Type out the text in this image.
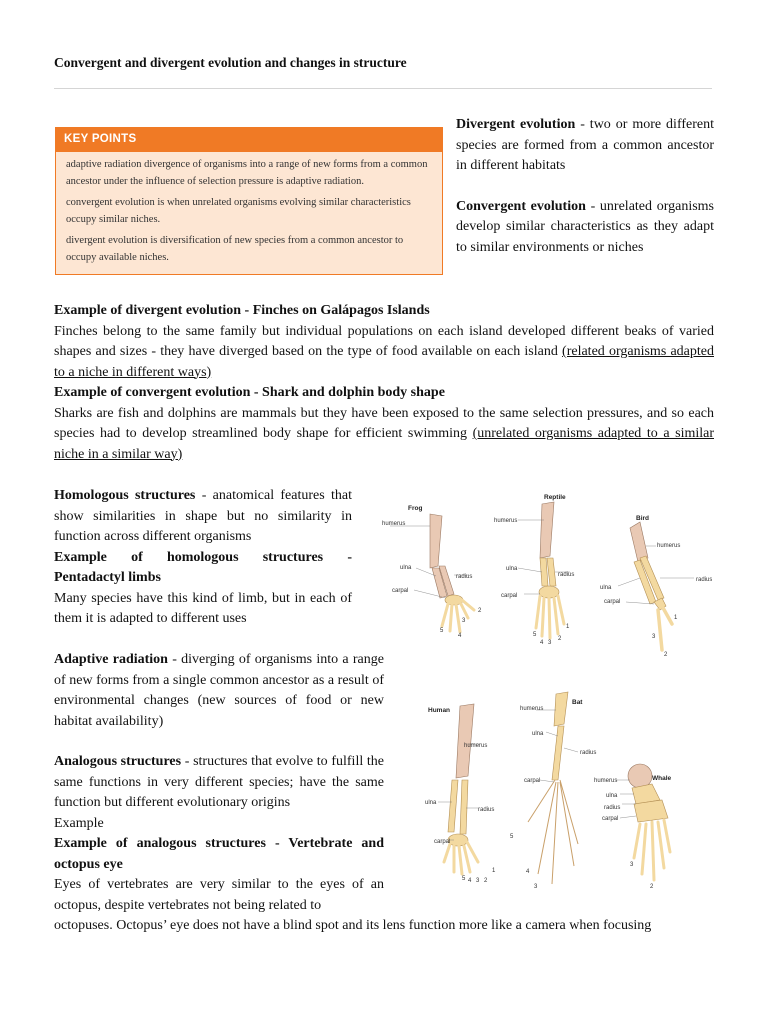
Convergent and divergent evolution and changes in structure
KEY POINTS

adaptive radiation divergence of organisms into a range of new forms from a common ancestor under the influence of selection pressure is adaptive radiation.

convergent evolution is when unrelated organisms evolving similar characteristics occupy similar niches.

divergent evolution is diversification of new species from a common ancestor to occupy available niches.

Divergent evolution - two or more different species are formed from a common ancestor in different habitats

Convergent evolution - unrelated organisms develop similar characteristics as they adapt to similar environments or niches

Example of divergent evolution - Finches on Galápagos Islands

Finches belong to the same family but individual populations on each island developed different beaks of varied shapes and sizes - they have diverged based on the type of food available on each island (related organisms adapted to a niche in different ways)

Example of convergent evolution - Shark and dolphin body shape

Sharks are fish and dolphins are mammals but they have been exposed to the same selection pressures, and so each species had to develop streamlined body shape for efficient swimming (unrelated organisms adapted to a similar niche in a similar way)

Homologous structures - anatomical features that show similarities in shape but no similarity in function across different organisms

Example of homologous structures -

Pentadactyl limbs

Many species have this kind of limb, but in each of them it is adapted to different uses

Adaptive radiation - diverging of organisms into a range of new forms from a single common ancestor as a result of environmental changes (new sources of food or new habitat availability)

Analogous structures - structures that evolve to fulfill the same functions in very different species; have the same function but different evolutionary origins

Example

Example of analogous structures - Vertebrate and octopus eye

Eyes of vertebrates are very similar to the eyes of an octopus, despite vertebrates not being related to

octopuses. Octopus’ eye does not have a blind spot and its lens function more like a camera when focusing

Frog
humerus
ulna
radius
carpal
4
3
2
5
Reptile
humerus
ulna
radius
carpal
5
4 3
2
1
Bird
humerus
ulna
radius
carpal
1
3
2
Human
humerus
ulna
radius
carpal
5 4 3 2
1
Bat
humerus
ulna
radius
carpal
5
4
3
Whale
humerus
ulna
radius
carpal
3
2
